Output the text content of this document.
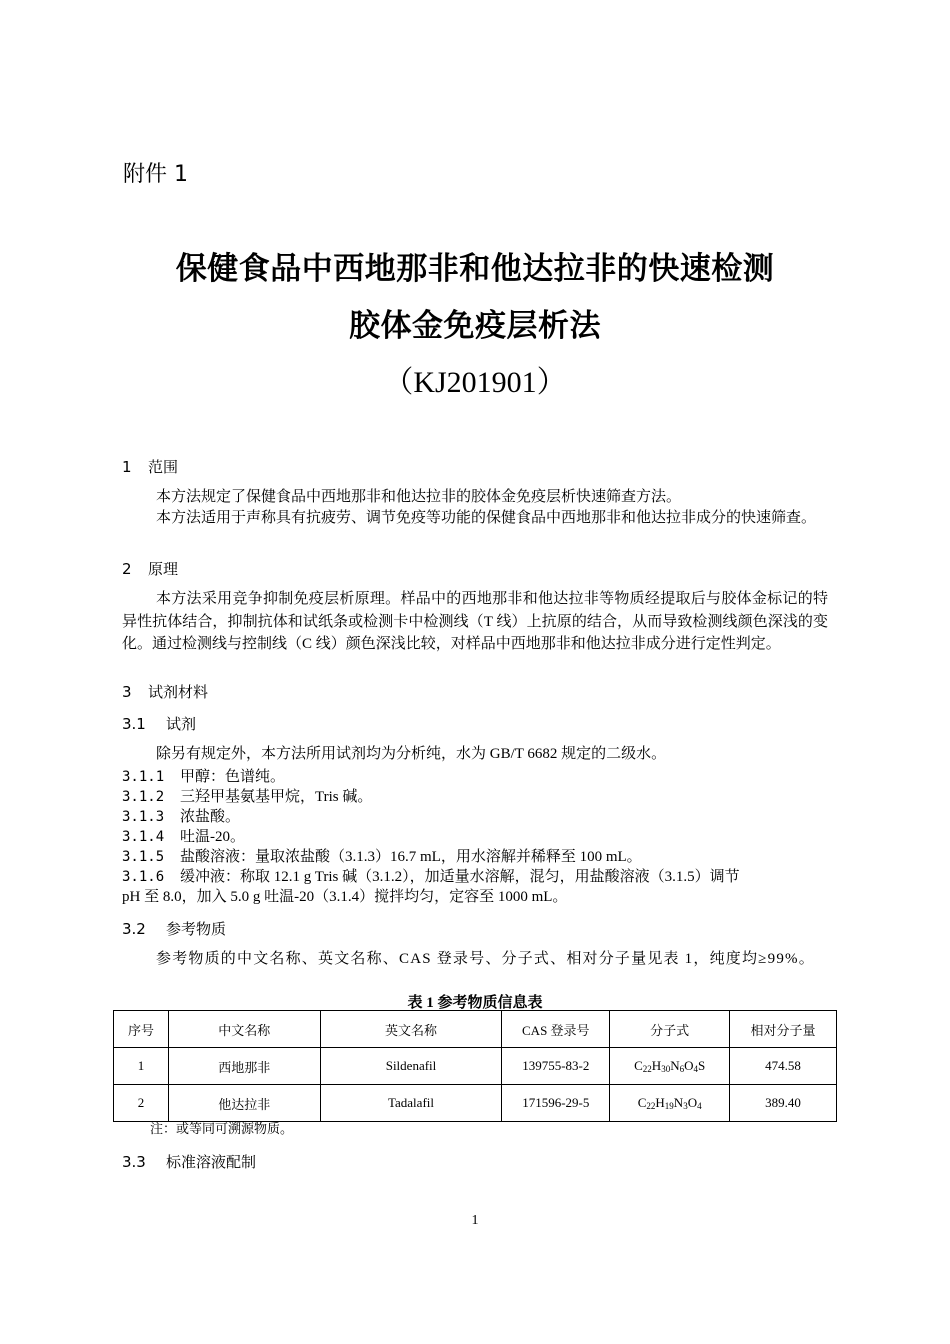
附件 1
保健食品中西地那非和他达拉非的快速检测
胶体金免疫层析法
（KJ201901）
1 范围
本方法规定了保健食品中西地那非和他达拉非的胶体金免疫层析快速筛查方法。
本方法适用于声称具有抗疲劳、调节免疫等功能的保健食品中西地那非和他达拉非成分的快速筛查。
2 原理
本方法采用竞争抑制免疫层析原理。样品中的西地那非和他达拉非等物质经提取后与胶体金标记的特异性抗体结合，抑制抗体和试纸条或检测卡中检测线（T 线）上抗原的结合，从而导致检测线颜色深浅的变化。通过检测线与控制线（C 线）颜色深浅比较，对样品中西地那非和他达拉非成分进行定性判定。
3 试剂材料
3.1 试剂
除另有规定外，本方法所用试剂均为分析纯，水为 GB/T 6682 规定的二级水。
3.1.1 甲醇：色谱纯。
3.1.2 三羟甲基氨基甲烷，Tris 碱。
3.1.3 浓盐酸。
3.1.4 吐温-20。
3.1.5 盐酸溶液：量取浓盐酸（3.1.3）16.7 mL，用水溶解并稀释至 100 mL。
3.1.6 缓冲液：称取 12.1 g Tris 碱（3.1.2），加适量水溶解，混匀，用盐酸溶液（3.1.5）调节
pH 至 8.0，加入 5.0 g 吐温-20（3.1.4）搅拌均匀，定容至 1000 mL。
3.2 参考物质
参考物质的中文名称、英文名称、CAS 登录号、分子式、相对分子量见表 1，纯度均≥99%。
表 1 参考物质信息表
序号	中文名称	英文名称	CAS 登录号	分子式	相对分子量
1	西地那非	Sildenafil	139755-83-2	$C_{22}H_{30}N_6O_4S$	474.58
2	他达拉非	Tadalafil	171596-29-5	$C_{22}H_{19}N_3O_4$	389.40
注：或等同可溯源物质。
3.3 标准溶液配制
1
